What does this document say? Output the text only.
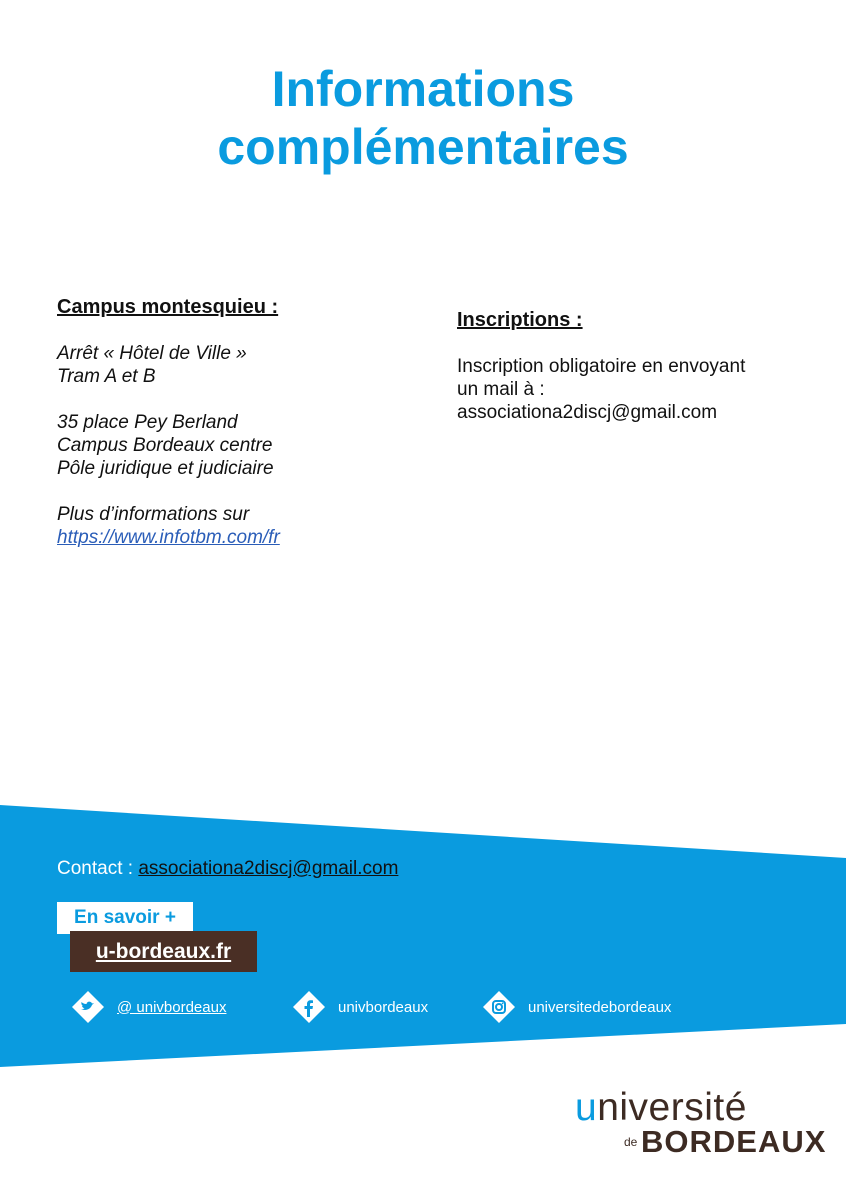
Informations
complémentaires
Campus montesquieu :
Arrêt « Hôtel de Ville »
Tram A et B
35 place Pey Berland
Campus Bordeaux centre
Pôle juridique et judiciaire
Plus d’informations sur
https://www.infotbm.com/fr
Inscriptions :
Inscription obligatoire en envoyant
un mail à :
associationa2discj@gmail.com
Contact : associationa2discj@gmail.com
En savoir +
u-bordeaux.fr
@ univbordeaux	univbordeaux	universitedebordeaux
université
de BORDEAUX
